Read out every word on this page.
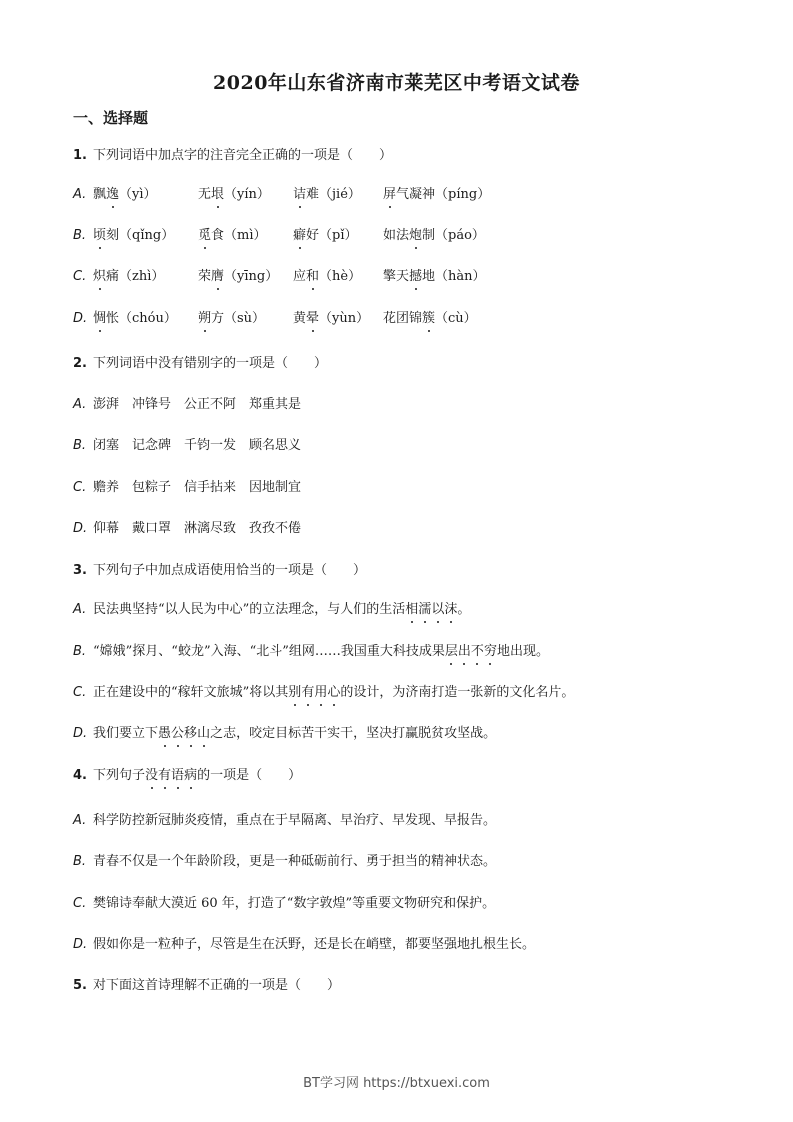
2020年山东省济南市莱芜区中考语文试卷
一、选择题
1. 下列词语中加点字的注音完全正确的一项是（　　）
A. 飘逸（yì）	无垠（yín） 诘难（jié） 屏气凝神（píng）
B. 顷刻（qǐng） 觅食（mì） 癖好（pǐ） 如法炮制（páo）
C. 炽痛（zhì）	荣膺（yīng） 应和（hè） 擎天撼地（hàn）
D. 惆怅（chóu） 朔方（sù） 黄晕（yùn） 花团锦簇（cù）
2. 下列词语中没有错别字的一项是（　　）
A. 澎湃　冲锋号　公正不阿　郑重其是
B. 闭塞　记念碑　千钧一发　顾名思义
C. 赡养　包粽子　信手拈来　因地制宜
D. 仰幕　戴口罩　淋漓尽致　孜孜不倦
3. 下列句子中加点成语使用恰当的一项是（　　）
A. 民法典坚持“以人民为中心”的立法理念，与人们的生活相濡以沫。
B. “嫦娥”探月、“蛟龙”入海、“北斗”组网……我国重大科技成果层出不穷地出现。
C. 正在建设中的“稼轩文旅城”将以其别有用心的设计，为济南打造一张新的文化名片。
D. 我们要立下愚公移山之志，咬定目标苦干实干，坚决打赢脱贫攻坚战。
4. 下列句子没有语病的一项是（　　）
A. 科学防控新冠肺炎疫情，重点在于早隔离、早治疗、早发现、早报告。
B. 青春不仅是一个年龄阶段，更是一种砥砺前行、勇于担当的精神状态。
C. 樊锦诗奉献大漠近 60 年，打造了“数字敦煌”等重要文物研究和保护。
D. 假如你是一粒种子，尽管是生在沃野，还是长在峭壁，都要坚强地扎根生长。
5. 对下面这首诗理解不正确的一项是（　　）
BT学习网 https://btxuexi.com
